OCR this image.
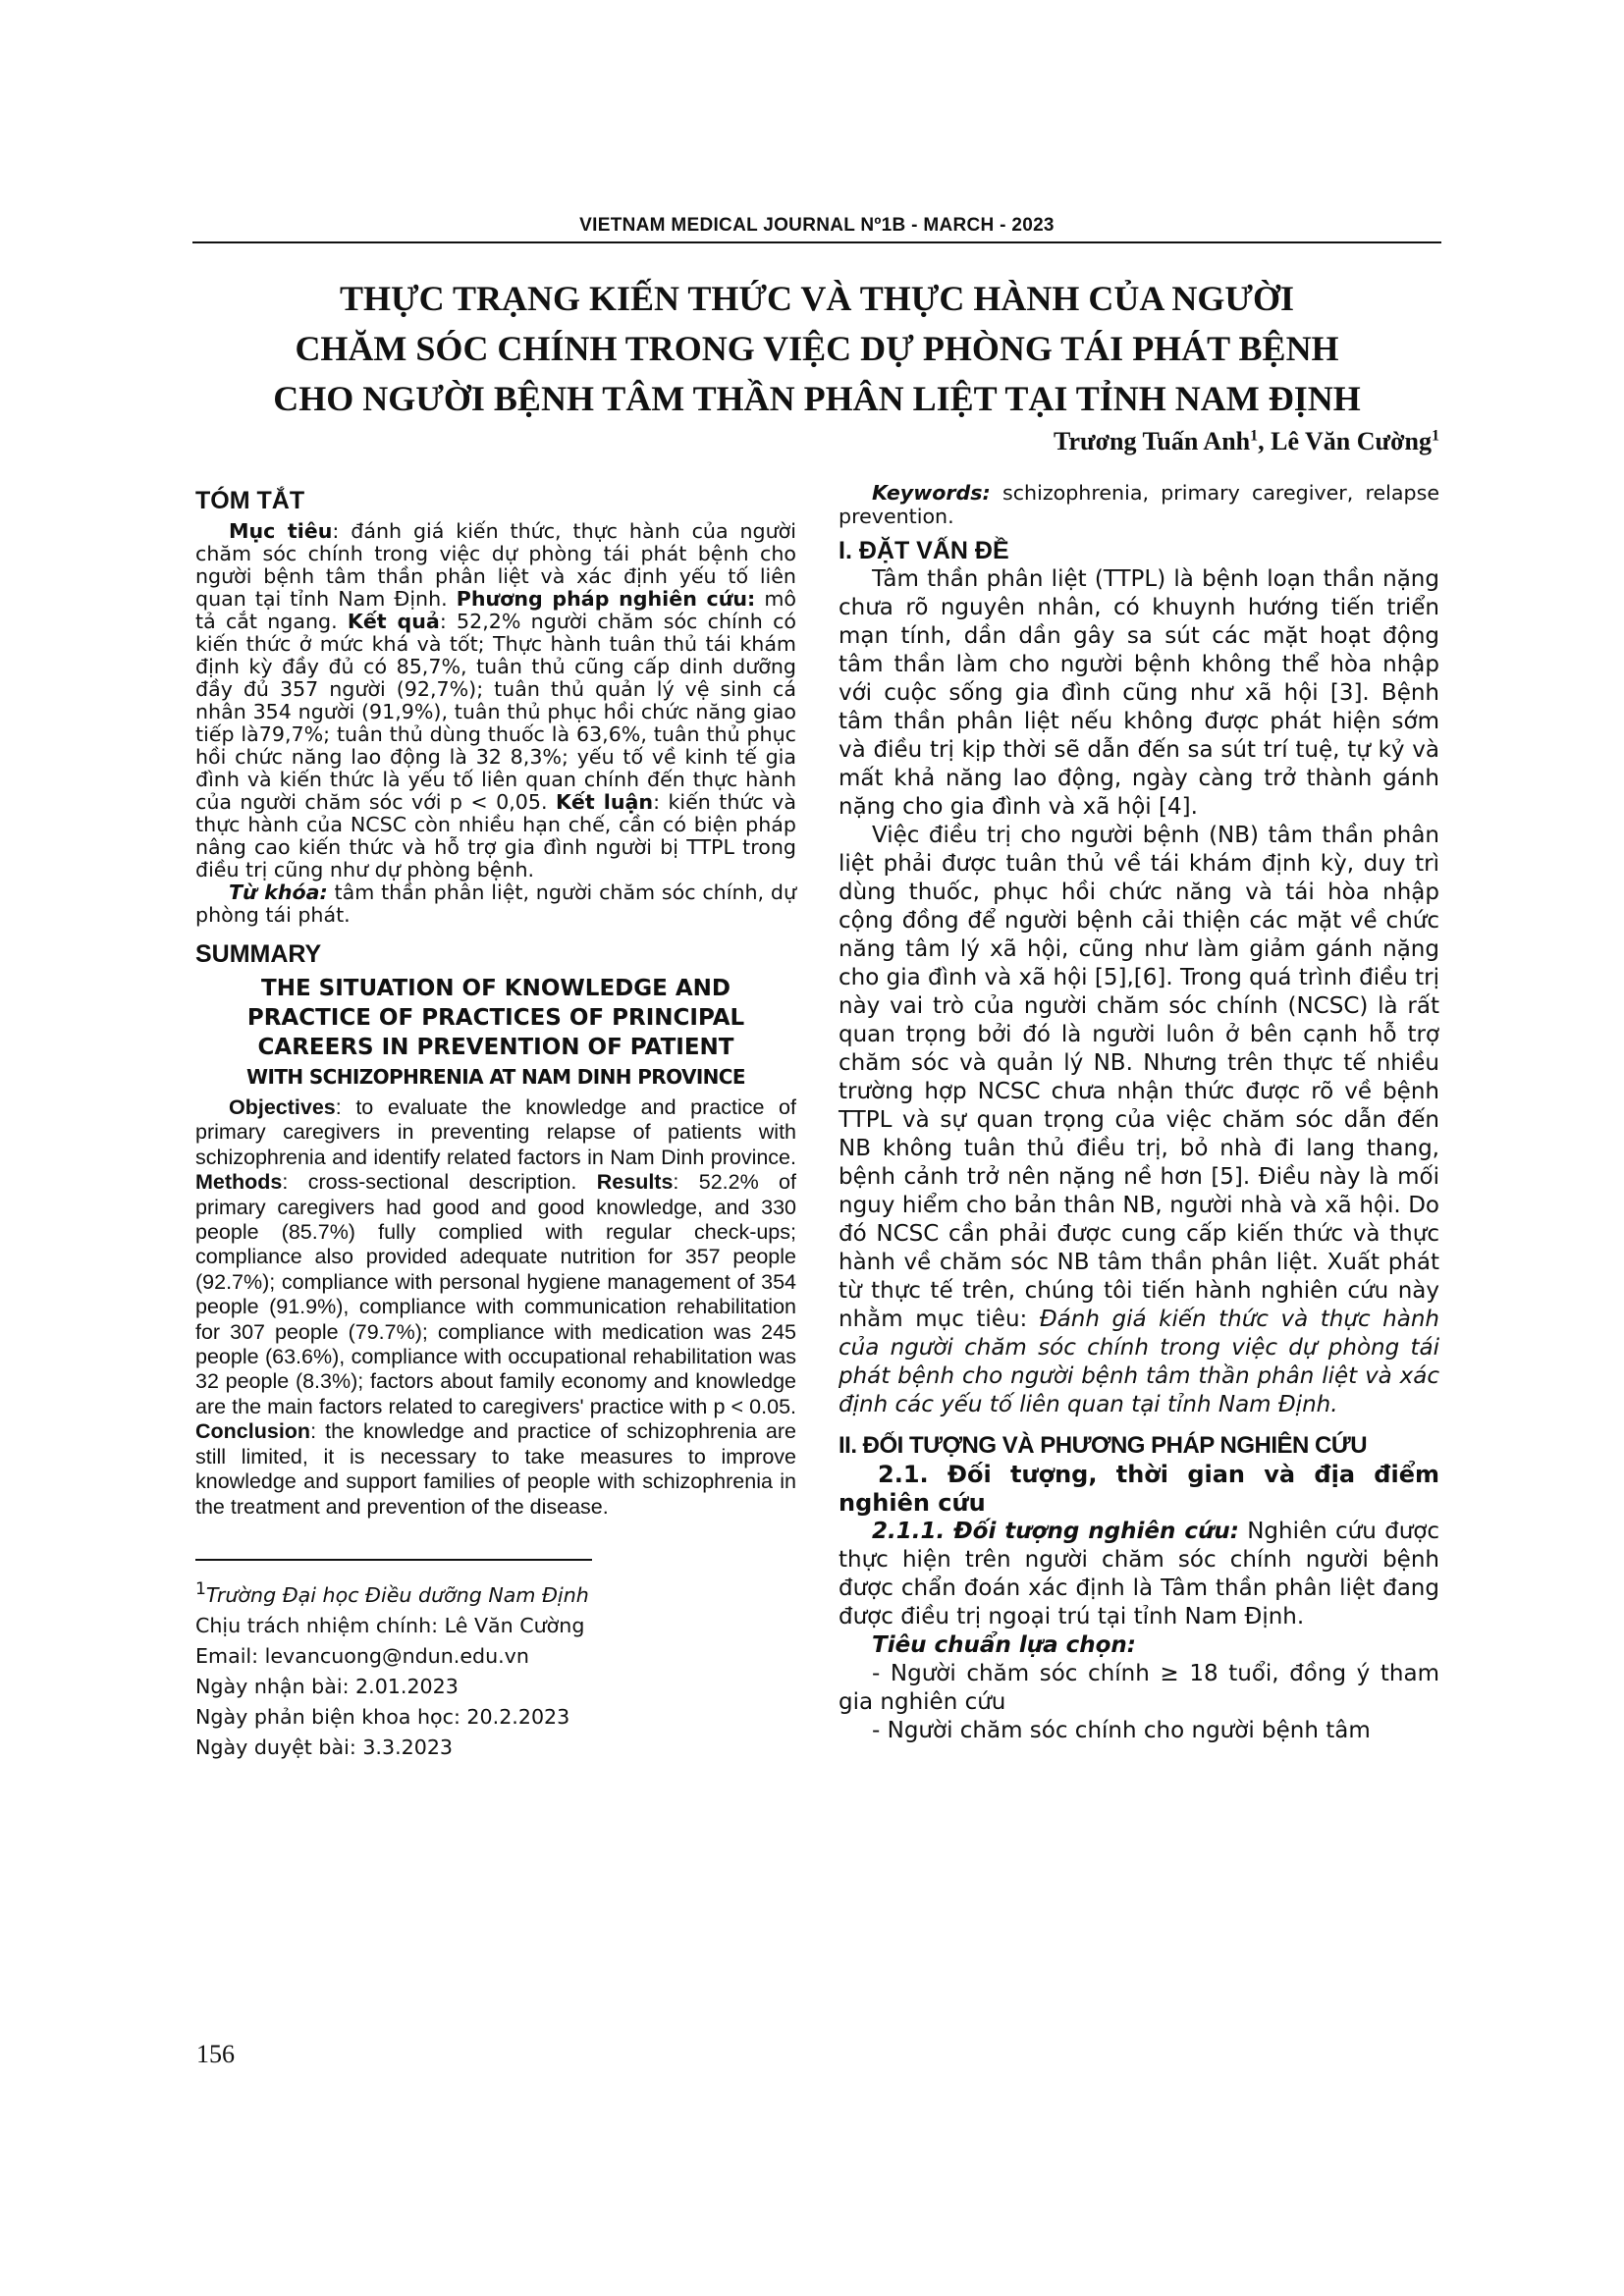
VIETNAM MEDICAL JOURNAL Nº1B - MARCH - 2023
THỰC TRẠNG KIẾN THỨC VÀ THỰC HÀNH CỦA NGƯỜI
CHĂM SÓC CHÍNH TRONG VIỆC DỰ PHÒNG TÁI PHÁT BỆNH
CHO NGƯỜI BỆNH TÂM THẦN PHÂN LIỆT TẠI TỈNH NAM ĐỊNH
Trương Tuấn Anh$^1$, Lê Văn Cường$^1$
TÓM TẮT

Mục tiêu: đánh giá kiến thức, thực hành của người chăm sóc chính trong việc dự phòng tái phát bệnh cho người bệnh tâm thần phân liệt và xác định yếu tố liên quan tại tỉnh Nam Định. Phương pháp nghiên cứu: mô tả cắt ngang. Kết quả: 52,2% người chăm sóc chính có kiến thức ở mức khá và tốt; Thực hành tuân thủ tái khám định kỳ đầy đủ có 85,7%, tuân thủ cũng cấp dinh dưỡng đầy đủ 357 người (92,7%); tuân thủ quản lý vệ sinh cá nhân 354 người (91,9%), tuân thủ phục hồi chức năng giao tiếp là79,7%; tuân thủ dùng thuốc là 63,6%, tuân thủ phục hồi chức năng lao động là 32 8,3%; yếu tố về kinh tế gia đình và kiến thức là yếu tố liên quan chính đến thực hành của người chăm sóc với p < 0,05. Kết luận: kiến thức và thực hành của NCSC còn nhiều hạn chế, cần có biện pháp nâng cao kiến thức và hỗ trợ gia đình người bị TTPL trong điều trị cũng như dự phòng bệnh.

Từ khóa: tâm thần phân liệt, người chăm sóc chính, dự phòng tái phát.

SUMMARY
THE SITUATION OF KNOWLEDGE AND
PRACTICE OF PRACTICES OF PRINCIPAL
CAREERS IN PREVENTION OF PATIENT
WITH SCHIZOPHRENIA AT NAM DINH PROVINCE

Objectives: to evaluate the knowledge and practice of primary caregivers in preventing relapse of patients with schizophrenia and identify related factors in Nam Dinh province. Methods: cross-sectional description. Results: 52.2% of primary caregivers had good and good knowledge, and 330 people (85.7%) fully complied with regular check-ups; compliance also provided adequate nutrition for 357 people (92.7%); compliance with personal hygiene management of 354 people (91.9%), compliance with communication rehabilitation for 307 people (79.7%); compliance with medication was 245 people (63.6%), compliance with occupational rehabilitation was 32 people (8.3%); factors about family economy and knowledge are the main factors related to caregivers' practice with p < 0.05. Conclusion: the knowledge and practice of schizophrenia are still limited, it is necessary to take measures to improve knowledge and support families of people with schizophrenia in the treatment and prevention of the disease.

$^1$Trường Đại học Điều dưỡng Nam Định
Chịu trách nhiệm chính: Lê Văn Cường
Email: levancuong@ndun.edu.vn
Ngày nhận bài: 2.01.2023
Ngày phản biện khoa học: 20.2.2023
Ngày duyệt bài: 3.3.2023

Keywords: schizophrenia, primary caregiver, relapse prevention.

I. ĐẶT VẤN ĐỀ

Tâm thần phân liệt (TTPL) là bệnh loạn thần nặng chưa rõ nguyên nhân, có khuynh hướng tiến triển mạn tính, dần dần gây sa sút các mặt hoạt động tâm thần làm cho người bệnh không thể hòa nhập với cuộc sống gia đình cũng như xã hội [3]. Bệnh tâm thần phân liệt nếu không được phát hiện sớm và điều trị kịp thời sẽ dẫn đến sa sút trí tuệ, tự kỷ và mất khả năng lao động, ngày càng trở thành gánh nặng cho gia đình và xã hội [4].

Việc điều trị cho người bệnh (NB) tâm thần phân liệt phải được tuân thủ về tái khám định kỳ, duy trì dùng thuốc, phục hồi chức năng và tái hòa nhập cộng đồng để người bệnh cải thiện các mặt về chức năng tâm lý xã hội, cũng như làm giảm gánh nặng cho gia đình và xã hội [5],[6]. Trong quá trình điều trị này vai trò của người chăm sóc chính (NCSC) là rất quan trọng bởi đó là người luôn ở bên cạnh hỗ trợ chăm sóc và quản lý NB. Nhưng trên thực tế nhiều trường hợp NCSC chưa nhận thức được rõ về bệnh TTPL và sự quan trọng của việc chăm sóc dẫn đến NB không tuân thủ điều trị, bỏ nhà đi lang thang, bệnh cảnh trở nên nặng nề hơn [5]. Điều này là mối nguy hiểm cho bản thân NB, người nhà và xã hội. Do đó NCSC cần phải được cung cấp kiến thức và thực hành về chăm sóc NB tâm thần phân liệt. Xuất phát từ thực tế trên, chúng tôi tiến hành nghiên cứu này nhằm mục tiêu: Đánh giá kiến thức và thực hành của người chăm sóc chính trong việc dự phòng tái phát bệnh cho người bệnh tâm thần phân liệt và xác định các yếu tố liên quan tại tỉnh Nam Định.

II. ĐỐI TƯỢNG VÀ PHƯƠNG PHÁP NGHIÊN CỨU

2.1. Đối tượng, thời gian và địa điểm nghiên cứu

2.1.1. Đối tượng nghiên cứu: Nghiên cứu được thực hiện trên người chăm sóc chính người bệnh được chẩn đoán xác định là Tâm thần phân liệt đang được điều trị ngoại trú tại tỉnh Nam Định.

Tiêu chuẩn lựa chọn:

- Người chăm sóc chính ≥ 18 tuổi, đồng ý tham gia nghiên cứu

- Người chăm sóc chính cho người bệnh tâm

156
